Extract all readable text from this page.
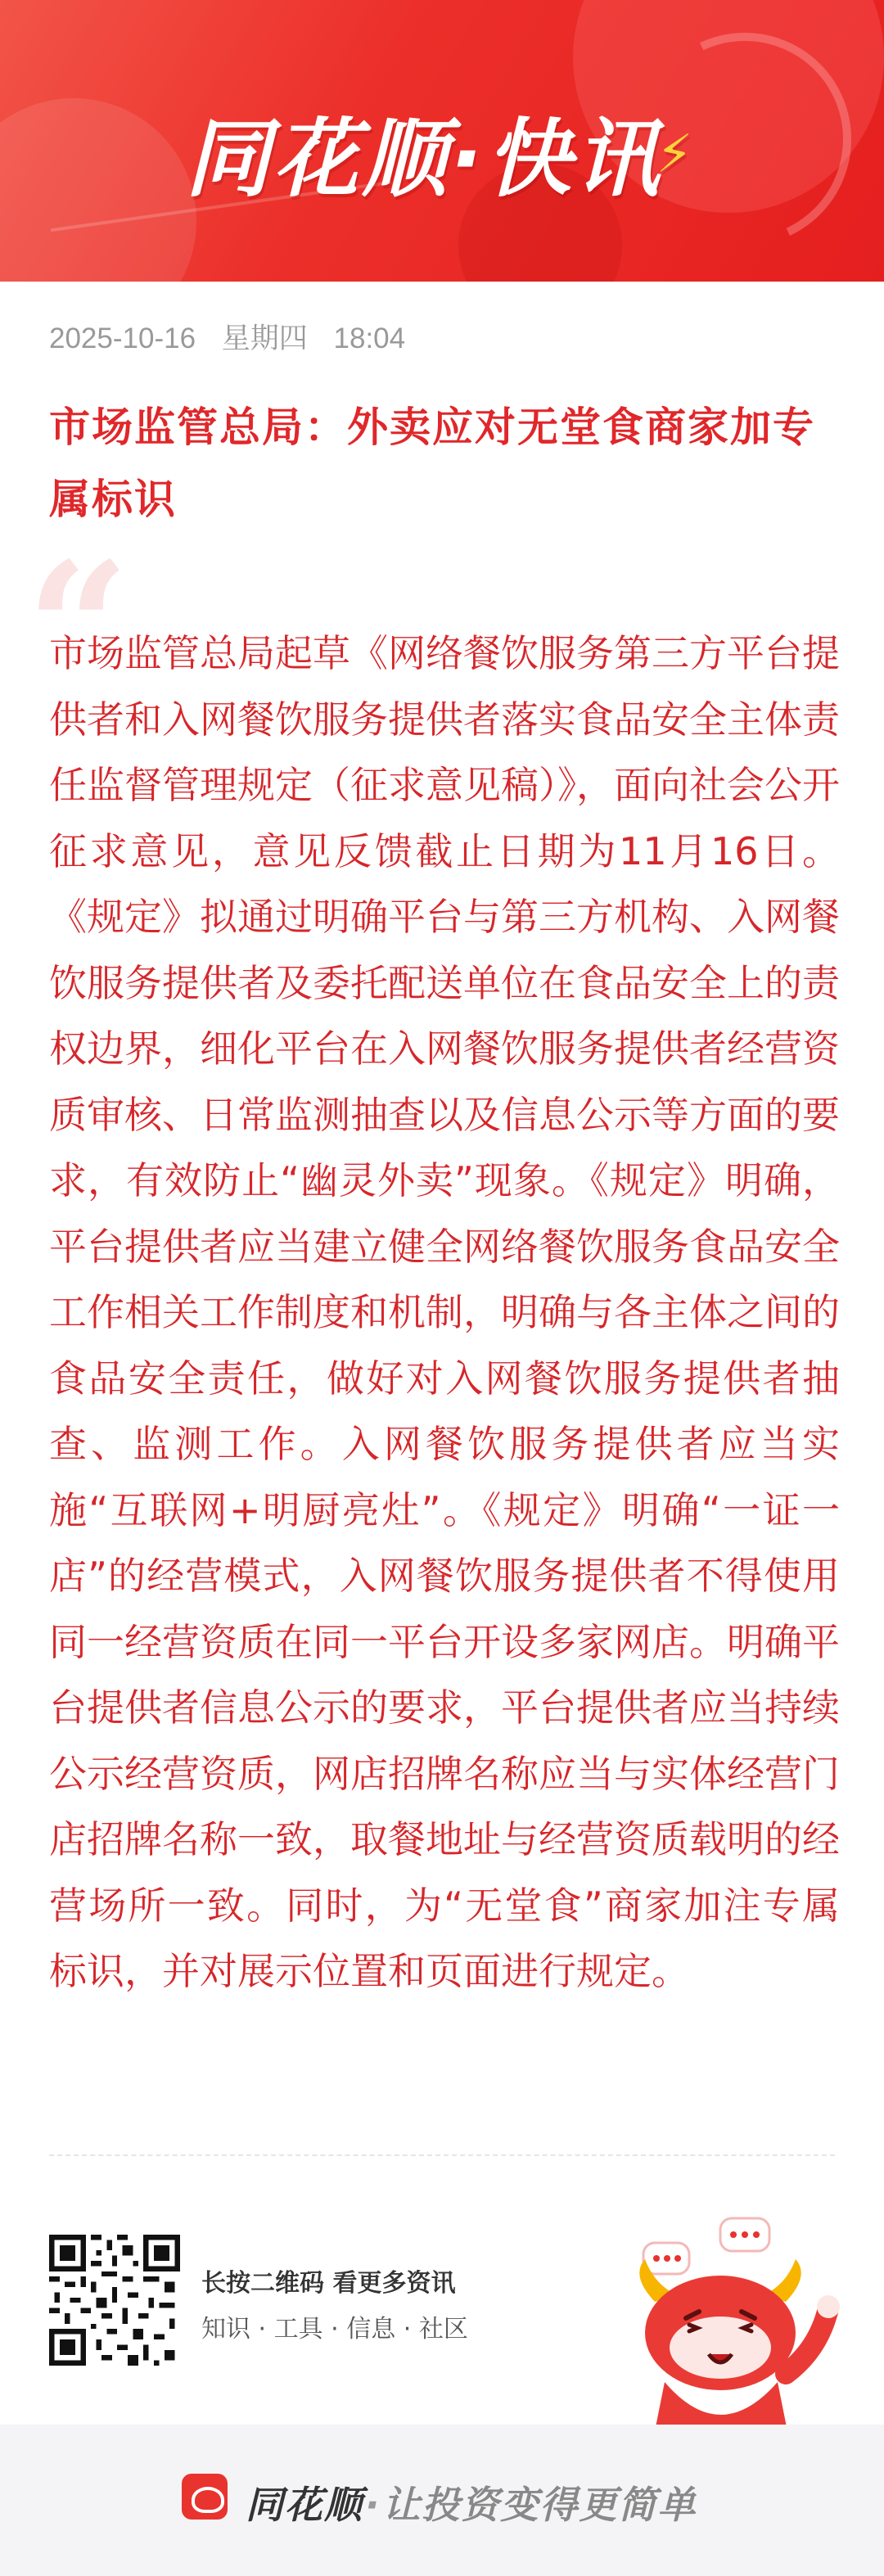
同花顺·快讯⚡
2025-10-16 星期四 18:04
市场监管总局：外卖应对无堂食商家加专属标识
“
市场监管总局起草《网络餐饮服务第三方平台提供者和入网餐饮服务提供者落实食品安全主体责任监督管理规定（征求意见稿）》，面向社会公开征求意见，意见反馈截止日期为11月16日。《规定》拟通过明确平台与第三方机构、入网餐饮服务提供者及委托配送单位在食品安全上的责权边界，细化平台在入网餐饮服务提供者经营资质审核、日常监测抽查以及信息公示等方面的要求，有效防止“幽灵外卖”现象。《规定》明确，平台提供者应当建立健全网络餐饮服务食品安全工作相关工作制度和机制，明确与各主体之间的食品安全责任，做好对入网餐饮服务提供者抽查、监测工作。入网餐饮服务提供者应当实施“互联网+明厨亮灶”。《规定》明确“一证一店”的经营模式，入网餐饮服务提供者不得使用同一经营资质在同一平台开设多家网店。明确平台提供者信息公示的要求，平台提供者应当持续公示经营资质，网店招牌名称应当与实体经营门店招牌名称一致，取餐地址与经营资质载明的经营场所一致。同时，为“无堂食”商家加注专属标识，并对展示位置和页面进行规定。
长按二维码 看更多资讯
知识 · 工具 · 信息 · 社区
同花顺·让投资变得更简单
